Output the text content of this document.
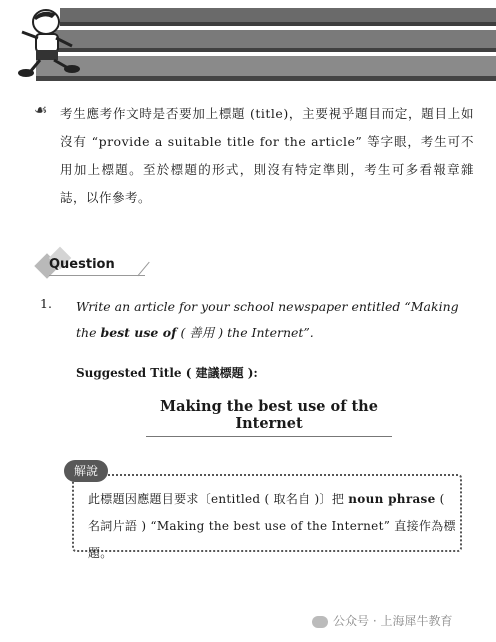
☙ 考生應考作文時是否要加上標題 (title)，主要視乎題目而定，題目上如沒有 “provide a suitable title for the article” 等字眼，考生可不用加上標題。至於標題的形式，則沒有特定準則，考生可多看報章雜誌，以作參考。
Question
1. Write an article for your school newspaper entitled “Making the best use of ( 善用 ) the Internet”.
Suggested Title ( 建議標題 ):
Making the best use of the Internet
解說
此標題因應題目要求〔entitled ( 取名自 )〕把 noun phrase ( 名詞片語 ) “Making the best use of the Internet” 直接作為標題。
公众号 · 上海犀牛教育
